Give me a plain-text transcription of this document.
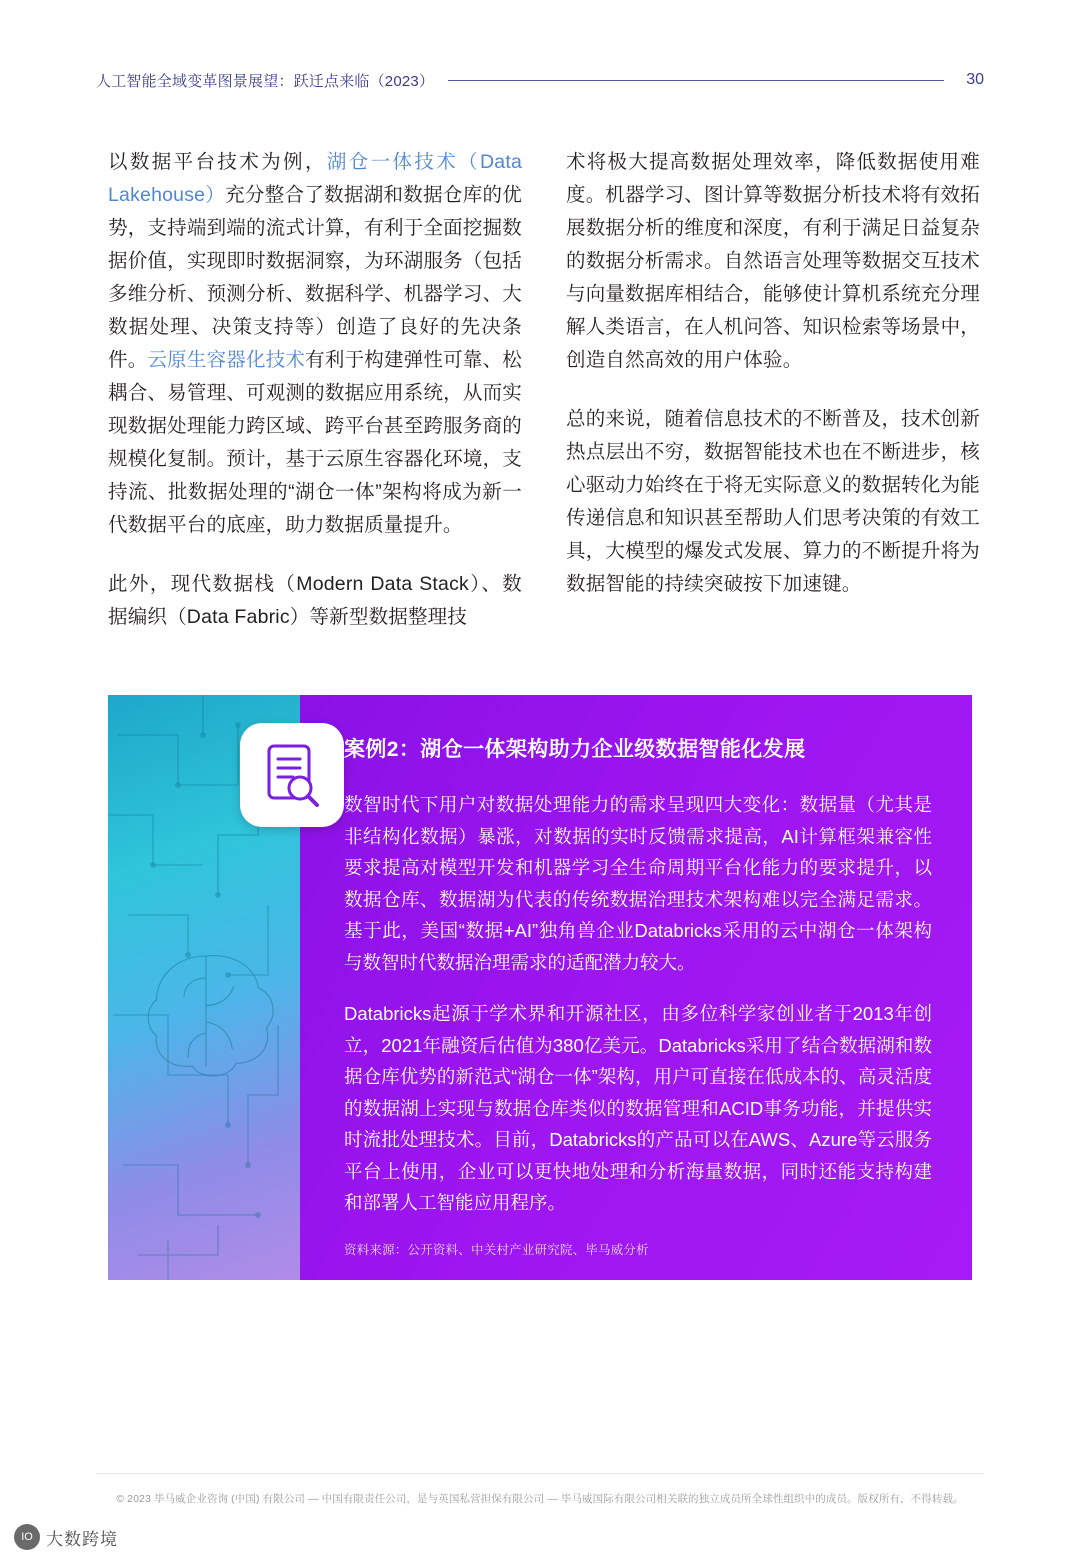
人工智能全域变革图景展望：跃迁点来临（2023）	30

以数据平台技术为例，湖仓一体技术（Data Lakehouse）充分整合了数据湖和数据仓库的优势，支持端到端的流式计算，有利于全面挖掘数据价值，实现即时数据洞察，为环湖服务（包括多维分析、预测分析、数据科学、机器学习、大数据处理、决策支持等）创造了良好的先决条件。云原生容器化技术有利于构建弹性可靠、松耦合、易管理、可观测的数据应用系统，从而实现数据处理能力跨区域、跨平台甚至跨服务商的规模化复制。预计，基于云原生容器化环境，支持流、批数据处理的“湖仓一体”架构将成为新一代数据平台的底座，助力数据质量提升。

此外，现代数据栈（Modern Data Stack）、数据编织（Data Fabric）等新型数据整理技

术将极大提高数据处理效率，降低数据使用难度。机器学习、图计算等数据分析技术将有效拓展数据分析的维度和深度，有利于满足日益复杂的数据分析需求。自然语言处理等数据交互技术与向量数据库相结合，能够使计算机系统充分理解人类语言，在人机问答、知识检索等场景中，创造自然高效的用户体验。

总的来说，随着信息技术的不断普及，技术创新热点层出不穷，数据智能技术也在不断进步，核心驱动力始终在于将无实际意义的数据转化为能传递信息和知识甚至帮助人们思考决策的有效工具，大模型的爆发式发展、算力的不断提升将为数据智能的持续突破按下加速键。

案例2：湖仓一体架构助力企业级数据智能化发展

数智时代下用户对数据处理能力的需求呈现四大变化：数据量（尤其是非结构化数据）暴涨，对数据的实时反馈需求提高，AI计算框架兼容性要求提高对模型开发和机器学习全生命周期平台化能力的要求提升，以数据仓库、数据湖为代表的传统数据治理技术架构难以完全满足需求。基于此，美国“数据+AI”独角兽企业Databricks采用的云中湖仓一体架构与数智时代数据治理需求的适配潜力较大。

Databricks起源于学术界和开源社区，由多位科学家创业者于2013年创立，2021年融资后估值为380亿美元。Databricks采用了结合数据湖和数据仓库优势的新范式“湖仓一体”架构，用户可直接在低成本的、高灵活度的数据湖上实现与数据仓库类似的数据管理和ACID事务功能，并提供实时流批处理技术。目前，Databricks的产品可以在AWS、Azure等云服务平台上使用，企业可以更快地处理和分析海量数据，同时还能支持构建和部署人工智能应用程序。

资料来源：公开资料、中关村产业研究院、毕马威分析
© 2023 毕马威企业咨询 (中国) 有限公司 — 中国有限责任公司，是与英国私营担保有限公司 — 毕马威国际有限公司相关联的独立成员所全球性组织中的成员。版权所有，不得转载。
IO 大数跨境
